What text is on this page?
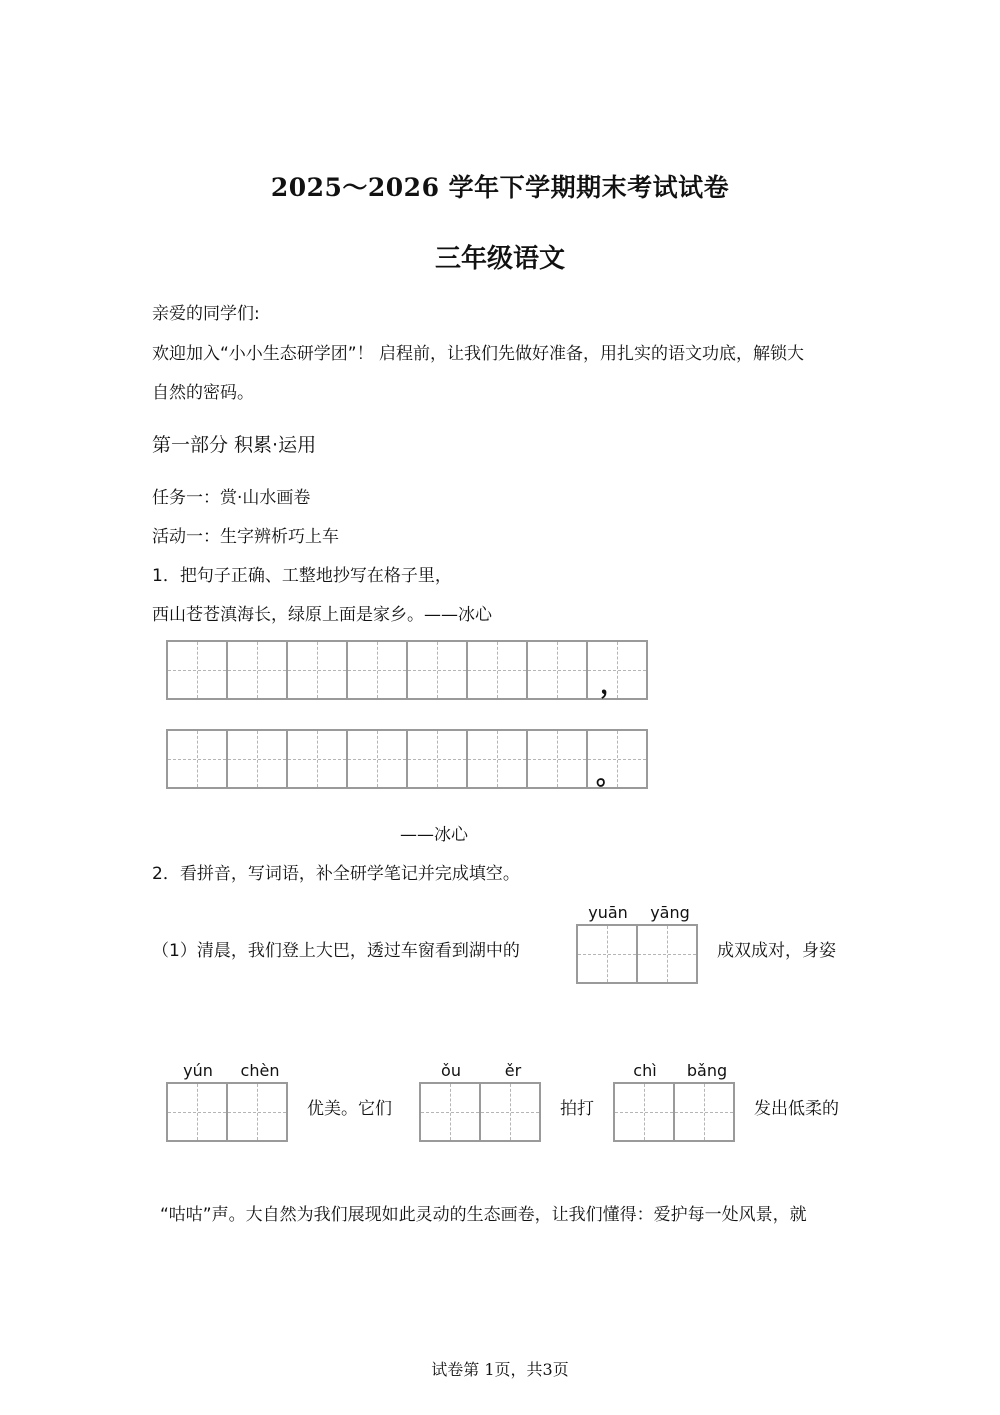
2025～2026 学年下学期期末考试试卷
三年级语文
亲爱的同学们:
欢迎加入“小小生态研学团”！ 启程前，让我们先做好准备，用扎实的语文功底，解锁大
自然的密码。
第一部分 积累·运用
任务一：赏·山水画卷
活动一：生字辨析巧上车
1．把句子正确、工整地抄写在格子里，
西山苍苍滇海长，绿原上面是家乡。——冰心
，
。
——冰心
2．看拼音，写词语，补全研学笔记并完成填空。
（1）清晨，我们登上大巴，透过车窗看到湖中的
yuān	yāng
成双成对，身姿
yún	chèn
优美。它们
ǒu	ěr
拍打
chì	bǎng
发出低柔的
“咕咕”声。大自然为我们展现如此灵动的生态画卷，让我们懂得：爱护每一处风景，就
试卷第 1页，共3页
